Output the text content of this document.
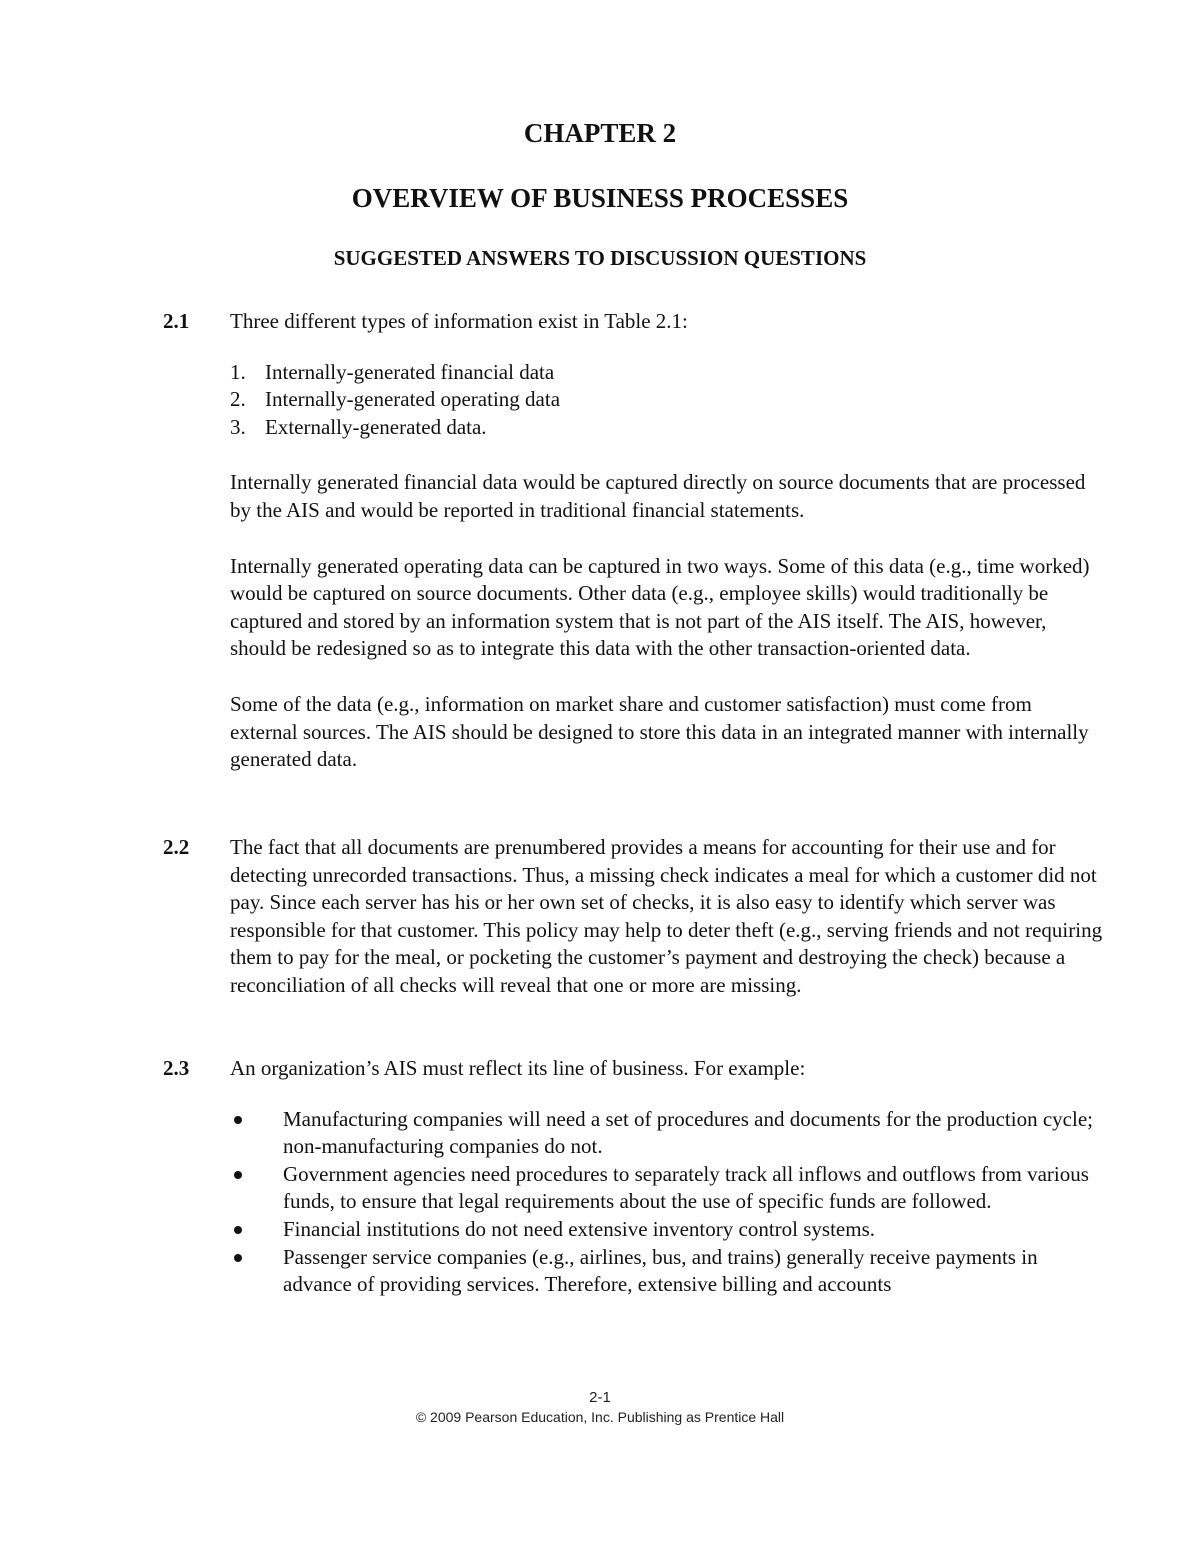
CHAPTER 2
OVERVIEW OF BUSINESS PROCESSES
SUGGESTED ANSWERS TO DISCUSSION QUESTIONS
2.1 Three different types of information exist in Table 2.1:

1. Internally-generated financial data
2. Internally-generated operating data
3. Externally-generated data.

Internally generated financial data would be captured directly on source documents that are processed by the AIS and would be reported in traditional financial statements.

Internally generated operating data can be captured in two ways. Some of this data (e.g., time worked) would be captured on source documents. Other data (e.g., employee skills) would traditionally be captured and stored by an information system that is not part of the AIS itself. The AIS, however, should be redesigned so as to integrate this data with the other transaction-oriented data.

Some of the data (e.g., information on market share and customer satisfaction) must come from external sources. The AIS should be designed to store this data in an integrated manner with internally generated data.

2.2 The fact that all documents are prenumbered provides a means for accounting for their use and for detecting unrecorded transactions. Thus, a missing check indicates a meal for which a customer did not pay. Since each server has his or her own set of checks, it is also easy to identify which server was responsible for that customer. This policy may help to deter theft (e.g., serving friends and not requiring them to pay for the meal, or pocketing the customer’s payment and destroying the check) because a reconciliation of all checks will reveal that one or more are missing.

2.3 An organization’s AIS must reflect its line of business. For example:

Manufacturing companies will need a set of procedures and documents for the production cycle; non-manufacturing companies do not.
Government agencies need procedures to separately track all inflows and outflows from various funds, to ensure that legal requirements about the use of specific funds are followed.
Financial institutions do not need extensive inventory control systems.
Passenger service companies (e.g., airlines, bus, and trains) generally receive payments in advance of providing services. Therefore, extensive billing and accounts
2-1
© 2009 Pearson Education, Inc. Publishing as Prentice Hall
